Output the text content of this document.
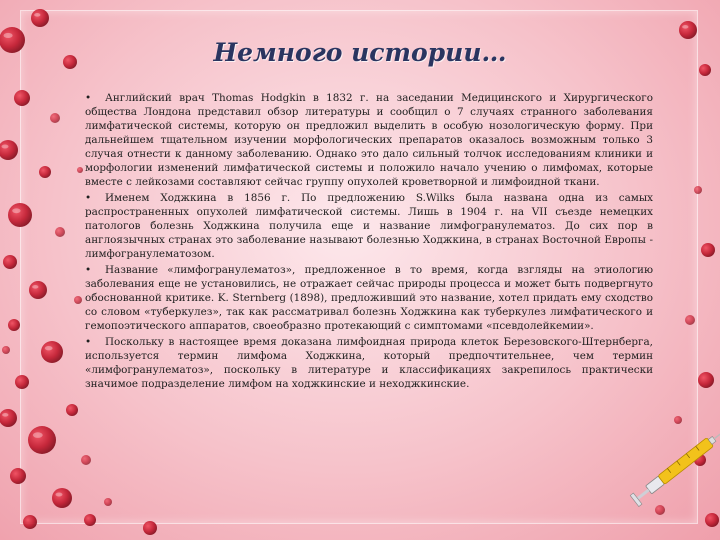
Немного истории…

• Английский врач Thomas Hodgkin в 1832 г. на заседании Медицинского и Хирургического общества Лондона представил обзор литературы и сообщил о 7 случаях странного заболевания лимфатической системы, которую он предложил выделить в особую нозологическую форму. При дальнейшем тщательном изучении морфологических препаратов оказалось возможным только 3 случая отнести к данному заболеванию. Однако это дало сильный толчок исследованиям клиники и морфологии изменений лимфатической системы и положило начало учению о лимфомах, которые вместе с лейкозами составляют сейчас группу опухолей кроветворной и лимфоидной ткани.

• Именем Ходжкина в 1856 г. По предложению S.Wilks была названа одна из самых распространенных опухолей лимфатической системы. Лишь в 1904 г. на VII съезде немецких патологов болезнь Ходжкина получила еще и название лимфогранулематоз. До сих пор в англоязычных странах это заболевание называют болезнью Ходжкина, в странах Восточной Европы - лимфогранулематозом.

• Название «лимфогранулематоз», предложенное в то время, когда взгляды на этиологию заболевания еще не установились, не отражает сейчас природы процесса и может быть подвергнуто обоснованной критике. K. Sternberg (1898), предложивший это название, хотел придать ему сходство со словом «туберкулез», так как рассматривал болезнь Ходжкина как туберкулез лимфатического и гемопоэтического аппаратов, своеобразно протекающий с симптомами «псевдолейкемии».

• Поскольку в настоящее время доказана лимфоидная природа клеток Березовского-Штернберга, используется термин лимфома Ходжкина, который предпочтительнее, чем термин «лимфогранулематоз», поскольку в литературе и классификациях закрепилось практически значимое подразделение лимфом на ходжкинские и неходжкинские.
